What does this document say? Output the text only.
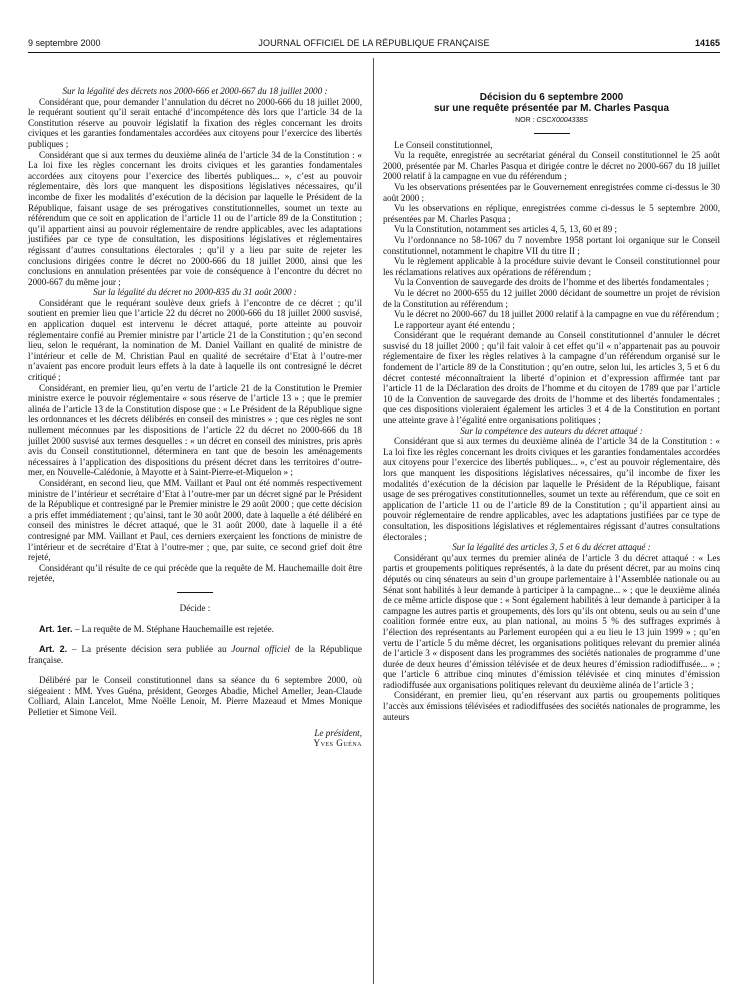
9 septembre 2000	JOURNAL OFFICIEL DE LA RÉPUBLIQUE FRANÇAISE	14165

Sur la légalité des décrets nos 2000-666 et 2000-667 du 18 juillet 2000 :

Considérant que, pour demander l’annulation du décret no 2000-666 du 18 juillet 2000, le requérant soutient qu’il serait entaché d’incompétence dès lors que l’article 34 de la Constitution réserve au pouvoir législatif la fixation des règles concernant les droits civiques et les garanties fondamentales accordées aux citoyens pour l’exercice des libertés publiques ;

Considérant que si aux termes du deuxième alinéa de l’article 34 de la Constitution : « La loi fixe les règles concernant les droits civiques et les garanties fondamentales accordées aux citoyens pour l’exercice des libertés publiques... », c’est au pouvoir réglementaire, dès lors que manquent les dispositions législatives nécessaires, qu’il incombe de fixer les modalités d’exécution de la décision par laquelle le Président de la République, faisant usage de ses prérogatives constitutionnelles, soumet un texte au référendum que ce soit en application de l’article 11 ou de l’article 89 de la Constitution ; qu’il appartient ainsi au pouvoir réglementaire de rendre applicables, avec les adaptations justifiées par ce type de consultation, les dispositions législatives et réglementaires régissant d’autres consultations électorales ; qu’il y a lieu par suite de rejeter les conclusions dirigées contre le décret no 2000-666 du 18 juillet 2000, ainsi que les conclusions en annulation présentées par voie de conséquence à l’encontre du décret no 2000-667 du même jour ;

Sur la légalité du décret no 2000-835 du 31 août 2000 :

Considérant que le requérant soulève deux griefs à l’encontre de ce décret ; qu’il soutient en premier lieu que l’article 22 du décret no 2000-666 du 18 juillet 2000 susvisé, en application duquel est intervenu le décret attaqué, porte atteinte au pouvoir réglementaire confié au Premier ministre par l’article 21 de la Constitution ; qu’en second lieu, selon le requérant, la nomination de M. Daniel Vaillant en qualité de ministre de l’intérieur et celle de M. Christian Paul en qualité de secrétaire d’Etat à l’outre-mer n’avaient pas encore produit leurs effets à la date à laquelle ils ont contresigné le décret critiqué ;

Considérant, en premier lieu, qu’en vertu de l’article 21 de la Constitution le Premier ministre exerce le pouvoir réglementaire « sous réserve de l’article 13 » ; que le premier alinéa de l’article 13 de la Constitution dispose que : « Le Président de la République signe les ordonnances et les décrets délibérés en conseil des ministres » ; que ces règles ne sont nullement méconnues par les dispositions de l’article 22 du décret no 2000-666 du 18 juillet 2000 susvisé aux termes desquelles : « un décret en conseil des ministres, pris après avis du Conseil constitutionnel, déterminera en tant que de besoin les aménagements nécessaires à l’application des dispositions du présent décret dans les territoires d’outre-mer, en Nouvelle-Calédonie, à Mayotte et à Saint-Pierre-et-Miquelon » ;

Considérant, en second lieu, que MM. Vaillant et Paul ont été nommés respectivement ministre de l’intérieur et secrétaire d’Etat à l’outre-mer par un décret signé par le Président de la République et contresigné par le Premier ministre le 29 août 2000 ; que cette décision a pris effet immédiatement ; qu’ainsi, tant le 30 août 2000, date à laquelle a été délibéré en conseil des ministres le décret attaqué, que le 31 août 2000, date à laquelle il a été contresigné par MM. Vaillant et Paul, ces derniers exerçaient les fonctions de ministre de l’intérieur et de secrétaire d’Etat à l’outre-mer ; que, par suite, ce second grief doit être rejeté,

Considérant qu’il résulte de ce qui précède que la requête de M. Hauchemaille doit être rejetée,

Décide :

Art. 1er. – La requête de M. Stéphane Hauchemaille est rejetée.

Art. 2. – La présente décision sera publiée au Journal officiel de la République française.

Délibéré par le Conseil constitutionnel dans sa séance du 6 septembre 2000, où siégeaient : MM. Yves Guéna, président, Georges Abadie, Michel Ameller, Jean-Claude Colliard, Alain Lancelot, Mme Noëlle Lenoir, M. Pierre Mazeaud et Mmes Monique Pelletier et Simone Veil.

Le président,

Yves Guéna

Décision du 6 septembre 2000
sur une requête présentée par M. Charles Pasqua
NOR : CSCX0004338S

Le Conseil constitutionnel,

Vu la requête, enregistrée au secrétariat général du Conseil constitutionnel le 25 août 2000, présentée par M. Charles Pasqua et dirigée contre le décret no 2000-667 du 18 juillet 2000 relatif à la campagne en vue du référendum ;

Vu les observations présentées par le Gouvernement enregistrées comme ci-dessus le 30 août 2000 ;

Vu les observations en réplique, enregistrées comme ci-dessus le 5 septembre 2000, présentées par M. Charles Pasqua ;

Vu la Constitution, notamment ses articles 4, 5, 13, 60 et 89 ;

Vu l’ordonnance no 58-1067 du 7 novembre 1958 portant loi organique sur le Conseil constitutionnel, notamment le chapitre VII du titre II ;

Vu le règlement applicable à la procédure suivie devant le Conseil constitutionnel pour les réclamations relatives aux opérations de référendum ;

Vu la Convention de sauvegarde des droits de l’homme et des libertés fondamentales ;

Vu le décret no 2000-655 du 12 juillet 2000 décidant de soumettre un projet de révision de la Constitution au référendum ;

Vu le décret no 2000-667 du 18 juillet 2000 relatif à la campagne en vue du référendum ;

Le rapporteur ayant été entendu ;

Considérant que le requérant demande au Conseil constitutionnel d’annuler le décret susvisé du 18 juillet 2000 ; qu’il fait valoir à cet effet qu’il « n’appartenait pas au pouvoir réglementaire de fixer les règles relatives à la campagne d’un référendum organisé sur le fondement de l’article 89 de la Constitution ; qu’en outre, selon lui, les articles 3, 5 et 6 du décret contesté méconnaîtraient la liberté d’opinion et d’expression affirmée tant par l’article 11 de la Déclaration des droits de l’homme et du citoyen de 1789 que par l’article 10 de la Convention de sauvegarde des droits de l’homme et des libertés fondamentales ; que ces dispositions violeraient également les articles 3 et 4 de la Constitution en portant une atteinte grave à l’égalité entre organisations politiques ;

Sur la compétence des auteurs du décret attaqué :

Considérant que si aux termes du deuxième alinéa de l’article 34 de la Constitution : « La loi fixe les règles concernant les droits civiques et les garanties fondamentales accordées aux citoyens pour l’exercice des libertés publiques... », c’est au pouvoir réglementaire, dès lors que manquent les dispositions législatives nécessaires, qu’il incombe de fixer les modalités d’exécution de la décision par laquelle le Président de la République, faisant usage de ses prérogatives constitutionnelles, soumet un texte au référendum, que ce soit en application de l’article 11 ou de l’article 89 de la Constitution ; qu’il appartient ainsi au pouvoir réglementaire de rendre applicables, avec les adaptations justifiées par ce type de consultation, les dispositions législatives et réglementaires régissant d’autres consultations électorales ;

Sur la légalité des articles 3, 5 et 6 du décret attaqué :

Considérant qu’aux termes du premier alinéa de l’article 3 du décret attaqué : « Les partis et groupements politiques représentés, à la date du présent décret, par au moins cinq députés ou cinq sénateurs au sein d’un groupe parlementaire à l’Assemblée nationale ou au Sénat sont habilités à leur demande à participer à la campagne... » ; que le deuxième alinéa de ce même article dispose que : « Sont également habilités à leur demande à participer à la campagne les autres partis et groupements, dès lors qu’ils ont obtenu, seuls ou au sein d’une coalition formée entre eux, au plan national, au moins 5 % des suffrages exprimés à l’élection des représentants au Parlement européen qui a eu lieu le 13 juin 1999 » ; qu’en vertu de l’article 5 du même décret, les organisations politiques relevant du premier alinéa de l’article 3 « disposent dans les programmes des sociétés nationales de programme d’une durée de deux heures d’émission télévisée et de deux heures d’émission radiodiffusée... » ; que l’article 6 attribue cinq minutes d’émission télévisée et cinq minutes d’émission radiodiffusée aux organisations politiques relevant du deuxième alinéa de l’article 3 ;

Considérant, en premier lieu, qu’en réservant aux partis ou groupements politiques l’accès aux émissions télévisées et radiodiffusées des sociétés nationales de programme, les auteurs
